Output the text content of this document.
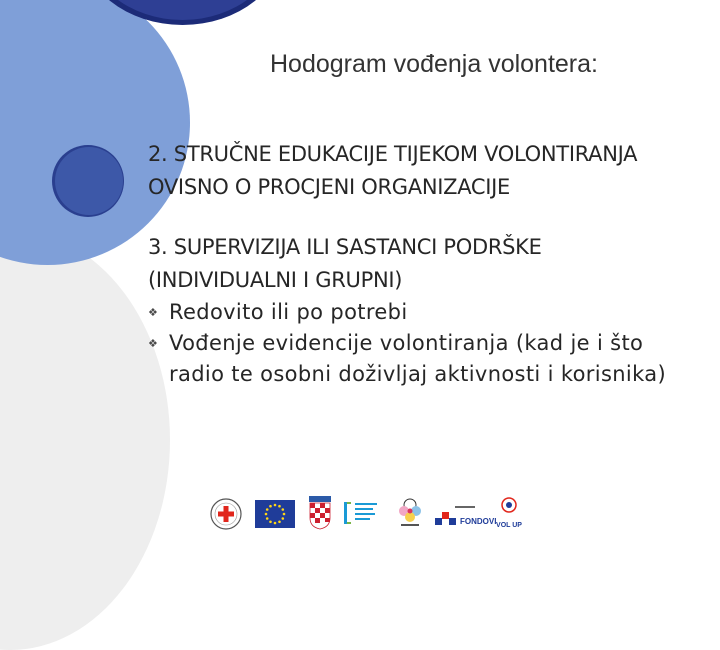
Hodogram vođenja volontera:
2. STRUČNE EDUKACIJE TIJEKOM VOLONTIRANJA
OVISNO O PROCJENI ORGANIZACIJE
3. SUPERVIZIJA ILI SASTANCI PODRŠKE
(INDIVIDUALNI I GRUPNI)
❖ Redovito ili po potrebi
❖ Vođenje evidencije volontiranja (kad je i što
radio te osobni doživljaj aktivnosti i korisnika)
FONDOVI VOL UP
